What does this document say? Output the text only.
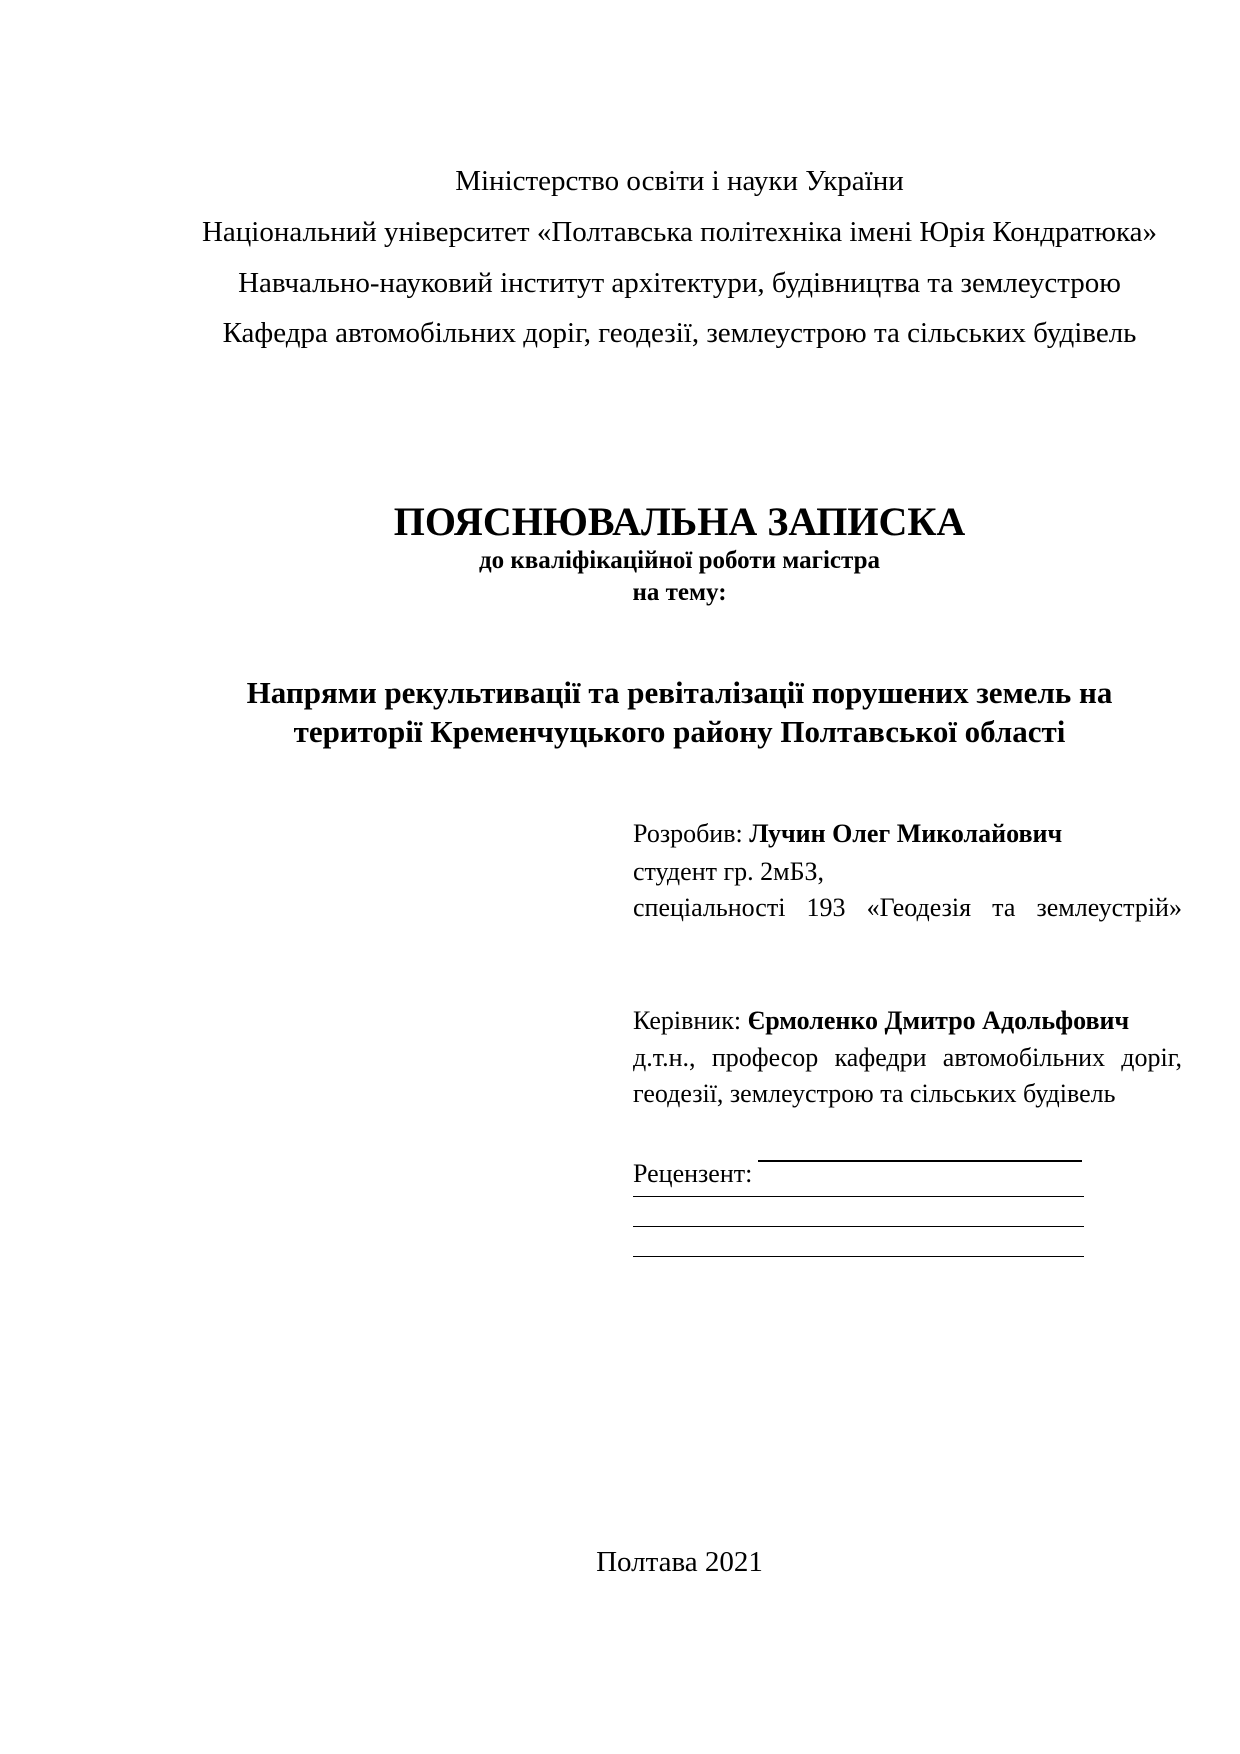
Міністерство освіти і науки України
Національний університет «Полтавська політехніка імені Юрія Кондратюка»
Навчально-науковий інститут архітектури, будівництва та землеустрою
Кафедра автомобільних доріг, геодезії, землеустрою та сільських будівель
ПОЯСНЮВАЛЬНА ЗАПИСКА
до кваліфікаційної роботи магістра
на тему:
Напрями рекультивації та ревіталізації порушених земель на
території Кременчуцького району Полтавської області
Розробив: Лучин Олег Миколайович
студент гр. 2мБЗ,
спеціальності 193 «Геодезія та землеустрій»
Керівник: Єрмоленко Дмитро Адольфович
д.т.н., професор кафедри автомобільних доріг,
геодезії, землеустрою та сільських будівель
Рецензент:
Полтава 2021
